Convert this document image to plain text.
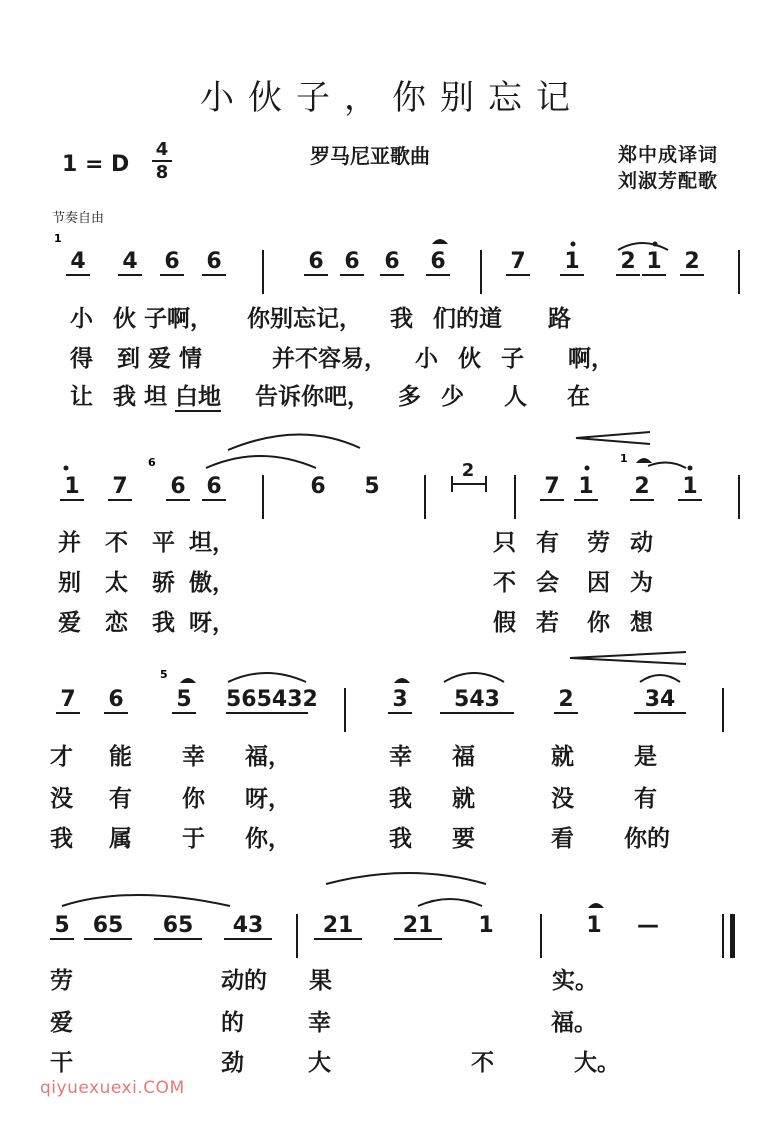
小伙子，你别忘记
1 = D
4
8
罗马尼亚歌曲	郑中成译词
刘淑芳配歌
节奏自由
4 4 6 6	6 6 6 6	7 1 2 1 2
小 伙 子啊， 你别忘记， 我 们的道 路
得 到 爱 情	并不容易， 小 伙 子 啊，
让 我 坦 白地 告诉你吧， 多 少 人 在
1 7 6 6	6 5
2
7 1 2 1
并 不 平 坦，	只 有 劳 动
别 太 骄 傲，	不 会 因 为
爱 恋 我 呀，	假 若 你 想
7 6 5 565432	3	543	2	34
才 能 幸 福，	幸 福	就	是
没 有 你 呀，	我 就	没	有
我 属 于 你，	我 要	看 你的
5	65	65	43	21	21	1	1 —
劳	动的 果	实。
爱	的	幸	福。
干	劲	大	不	大。
1
6	1
5
qiyuexuexi.COM
